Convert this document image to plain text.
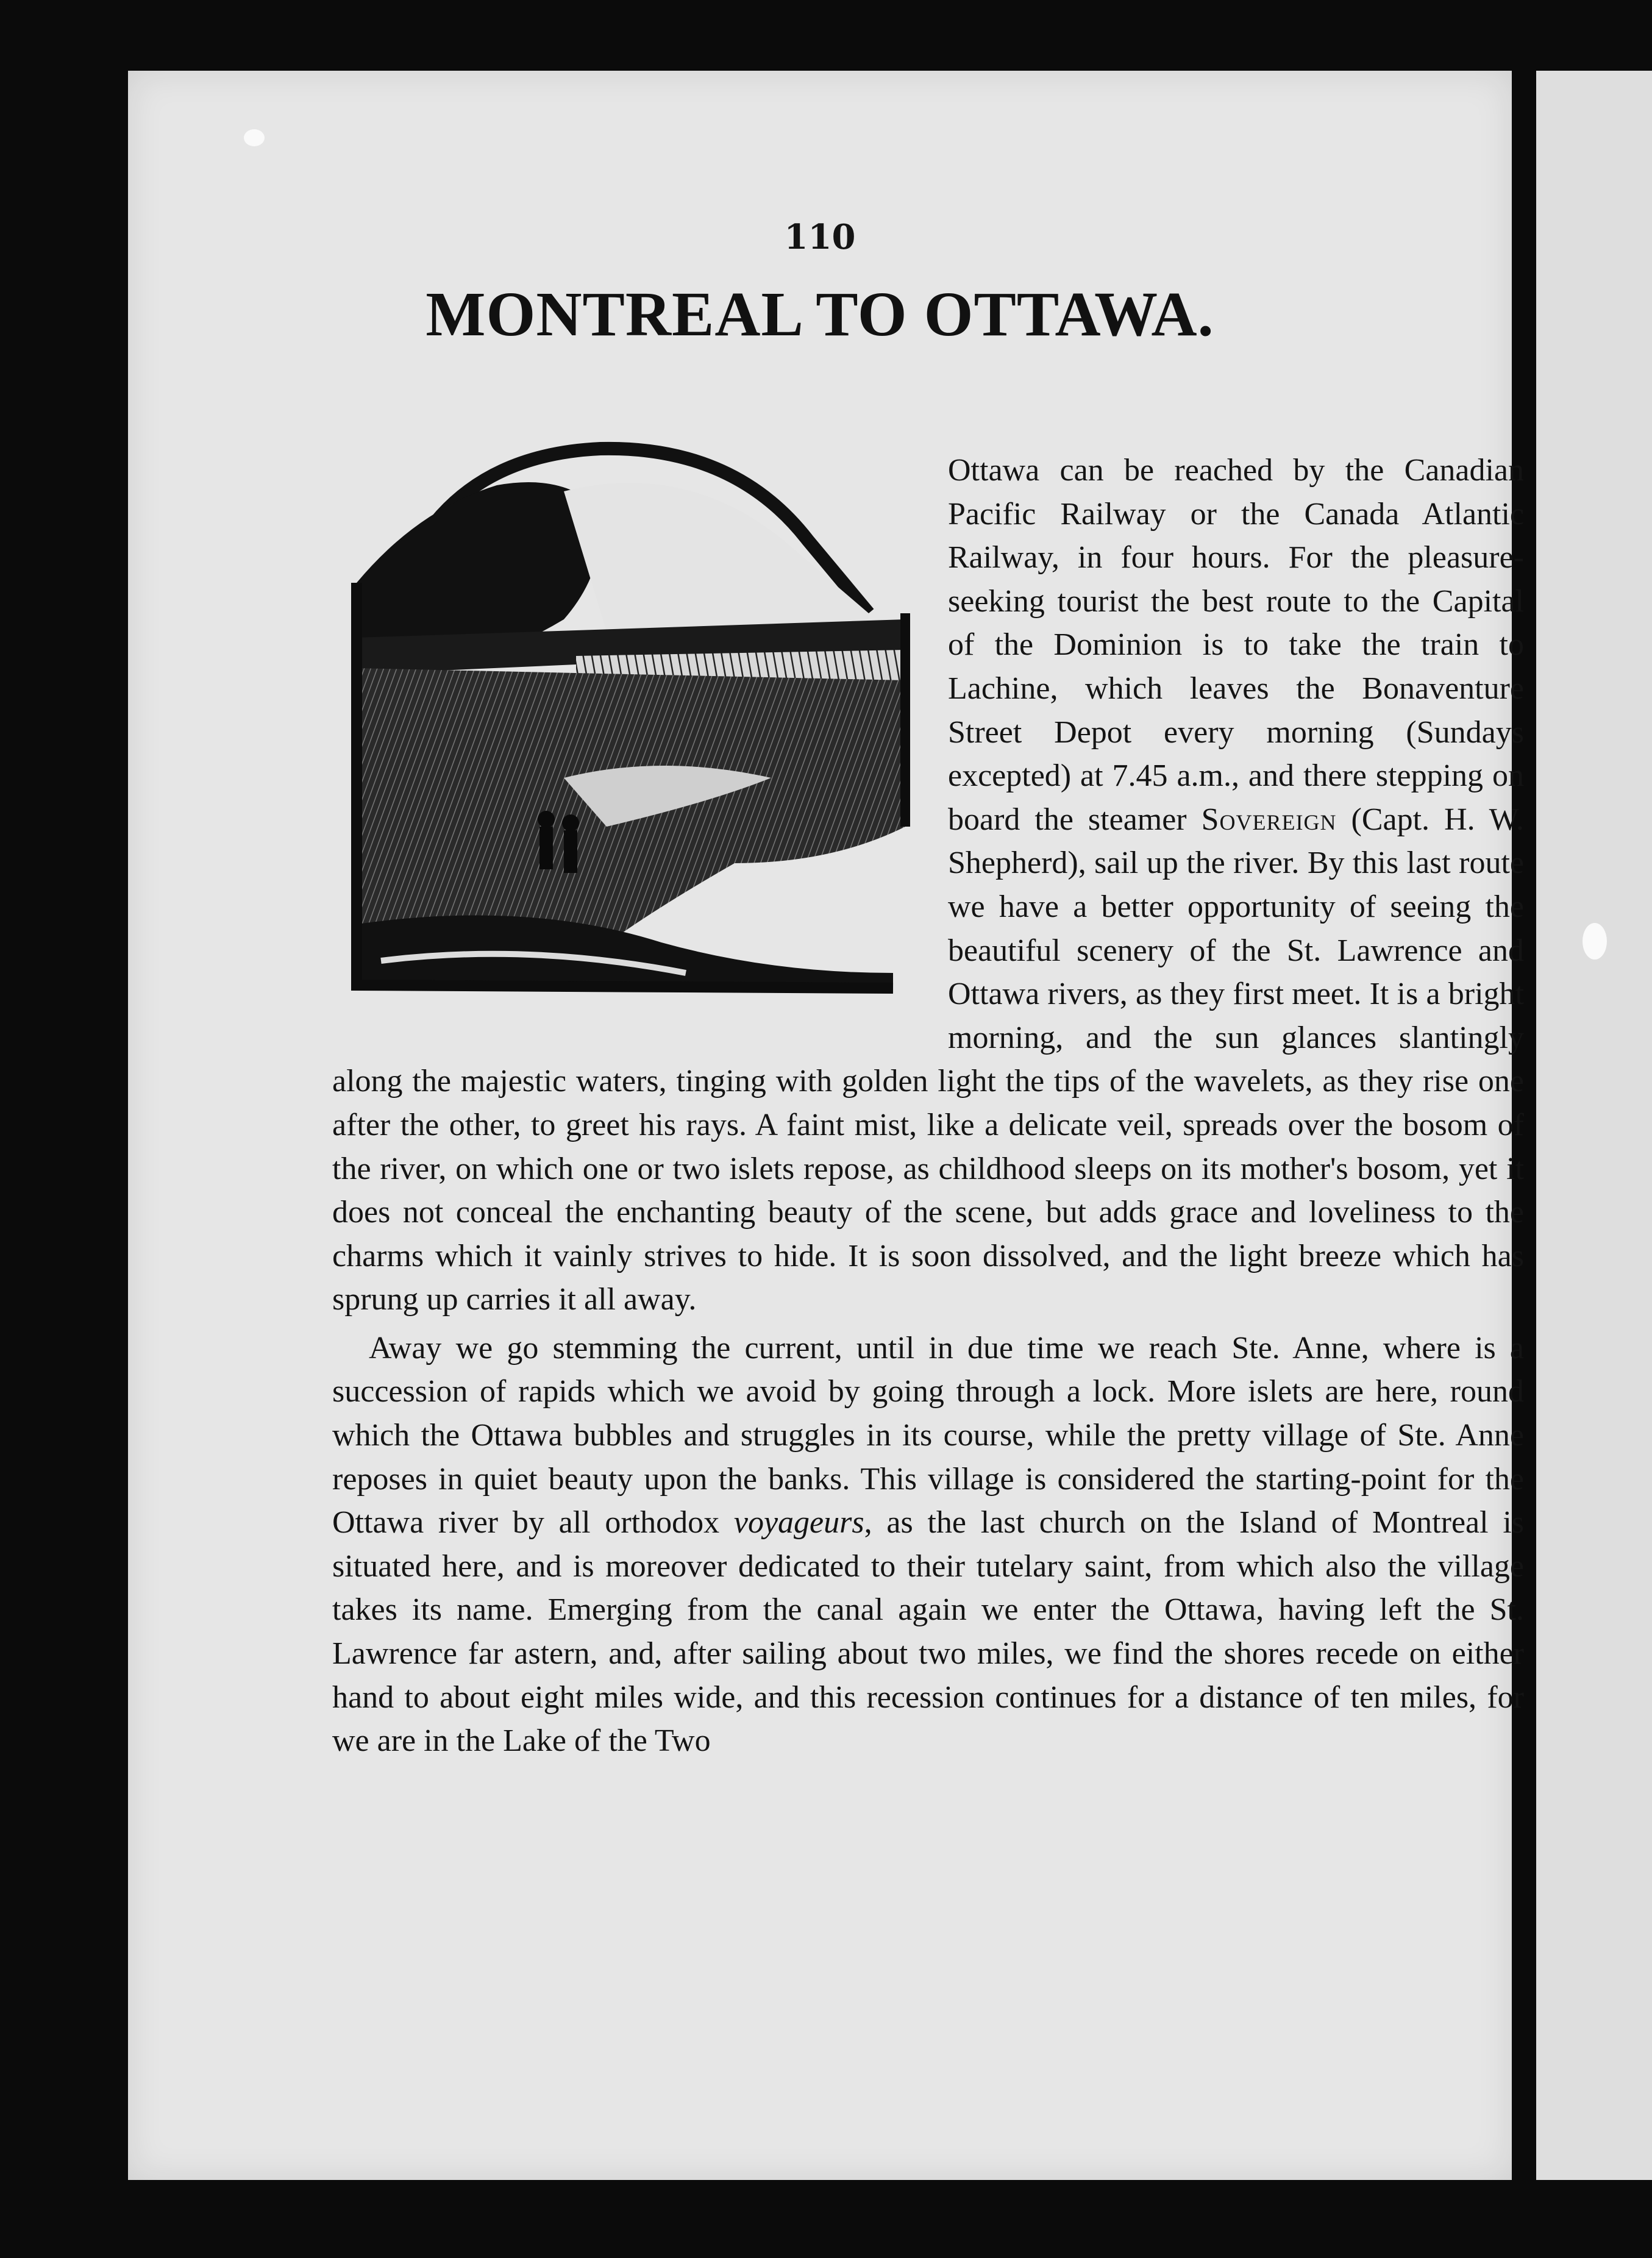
110
MONTREAL TO OTTAWA.

Ottawa can be reached by the Canadian Pacific Railway or the Canada Atlantic Railway, in four hours. For the pleasure-seeking tourist the best route to the Capital of the Dominion is to take the train to Lachine, which leaves the Bonaventure Street Depot every morning (Sundays excepted) at 7.45 a.m., and there stepping on board the steamer Sovereign (Capt. H. W. Shepherd), sail up the river. By this last route we have a better opportunity of seeing the beautiful scenery of the St. Lawrence and Ottawa rivers, as they first meet. It is a bright morning, and the sun glances slantingly along the majestic waters, tinging with golden light the tips of the wavelets, as they rise one after the other, to greet his rays. A faint mist, like a delicate veil, spreads over the bosom of the river, on which one or two islets repose, as childhood sleeps on its mother's bosom, yet it does not conceal the enchanting beauty of the scene, but adds grace and loveliness to the charms which it vainly strives to hide. It is soon dissolved, and the light breeze which has sprung up carries it all away.

Away we go stemming the current, until in due time we reach Ste. Anne, where is a succession of rapids which we avoid by going through a lock. More islets are here, round which the Ottawa bubbles and struggles in its course, while the pretty village of Ste. Anne reposes in quiet beauty upon the banks. This village is considered the starting-point for the Ottawa river by all orthodox voyageurs, as the last church on the Island of Montreal is situated here, and is moreover dedicated to their tutelary saint, from which also the village takes its name. Emerging from the canal again we enter the Ottawa, having left the St. Lawrence far astern, and, after sailing about two miles, we find the shores recede on either hand to about eight miles wide, and this recession continues for a distance of ten miles, for we are in the Lake of the Two
